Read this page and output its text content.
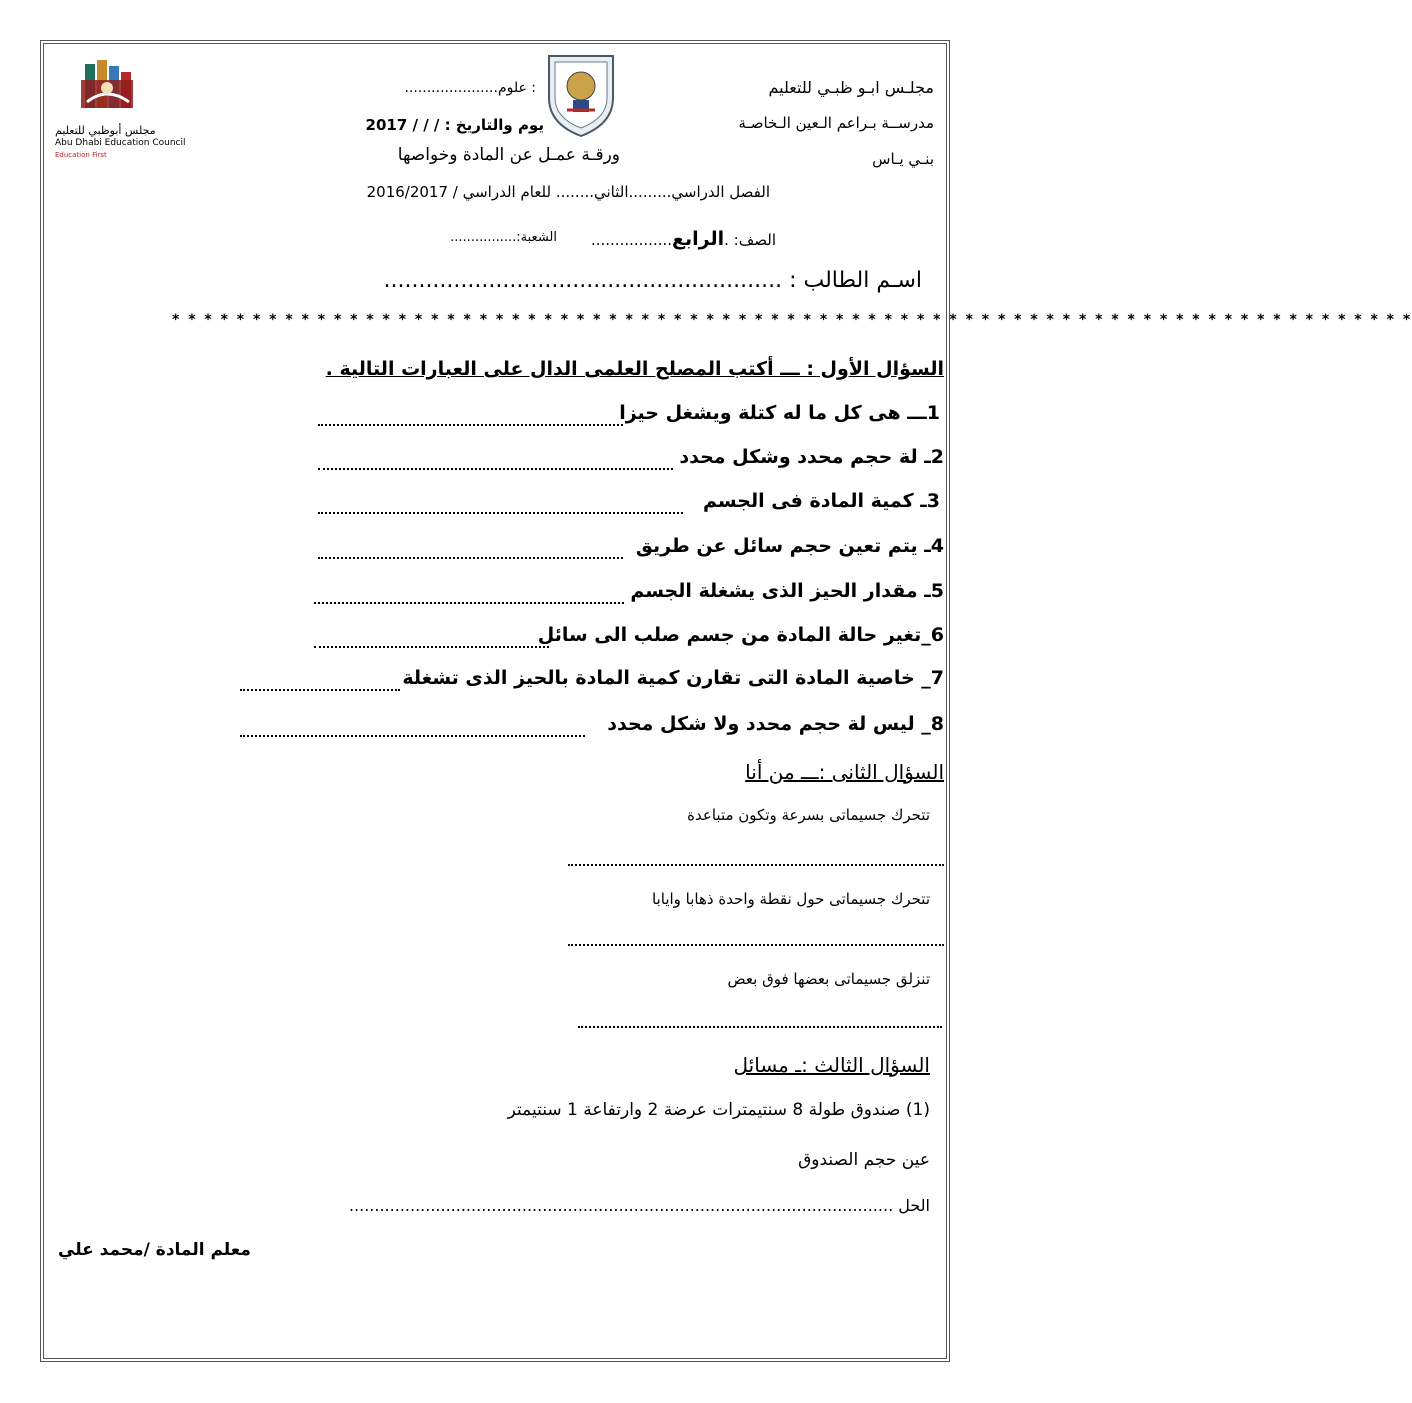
مجلس أبوظبي للتعليم
Abu Dhabi Education Council
Education First
مجلـس ابـو ظبـي للتعليم
مدرســة بـراعم الـعين الـخاصـة
بنـي يـاس
: علوم.....................
يوم والتاريخ : / / / 2017
ورقـة عمـل عن المادة وخواصها
الفصل الدراسي.........الثاني........ للعام الدراسي / 2016/2017
الصف: .الرابع.................
الشعبة:................
اسـم الطالب : .........................................................
* * * * * * * * * * * * * * * * * * * * * * * * * * * * * * * * * * * * * * * * * * * * * * * * * * * * * * * * * * * * * * * * * * * * * * * * * * * * *
السؤال الأول : ـــ أكتب المصلح العلمى الدال على العبارات التالية .
1ـــ هى كل ما له كتلة ويشغل حيزا
2ـ لة حجم محدد وشكل محدد
3ـ كمية المادة فى الجسم
4ـ يتم تعين حجم سائل عن طريق
5ـ مقدار الحيز الذى يشغلة الجسم
6_تغير حالة المادة من جسم صلب الى سائل
7_ خاصية المادة التى تقارن كمية المادة بالحيز الذى تشغلة
8_ ليس لة حجم محدد ولا شكل محدد
السؤال الثانى :ـــ من أنا
تتحرك جسيماتى بسرعة وتكون متباعدة
تتحرك جسيماتى حول نقطة واحدة ذهابا وايابا
تنزلق جسيماتى بعضها فوق بعض
السؤال الثالث :ـ مسائل
(1) صندوق طولة 8 سنتيمترات عرضة 2 وارتفاعة 1 سنتيمتر
عين حجم الصندوق
الحل ...........................................................................................................
معلم المادة /محمد علي
